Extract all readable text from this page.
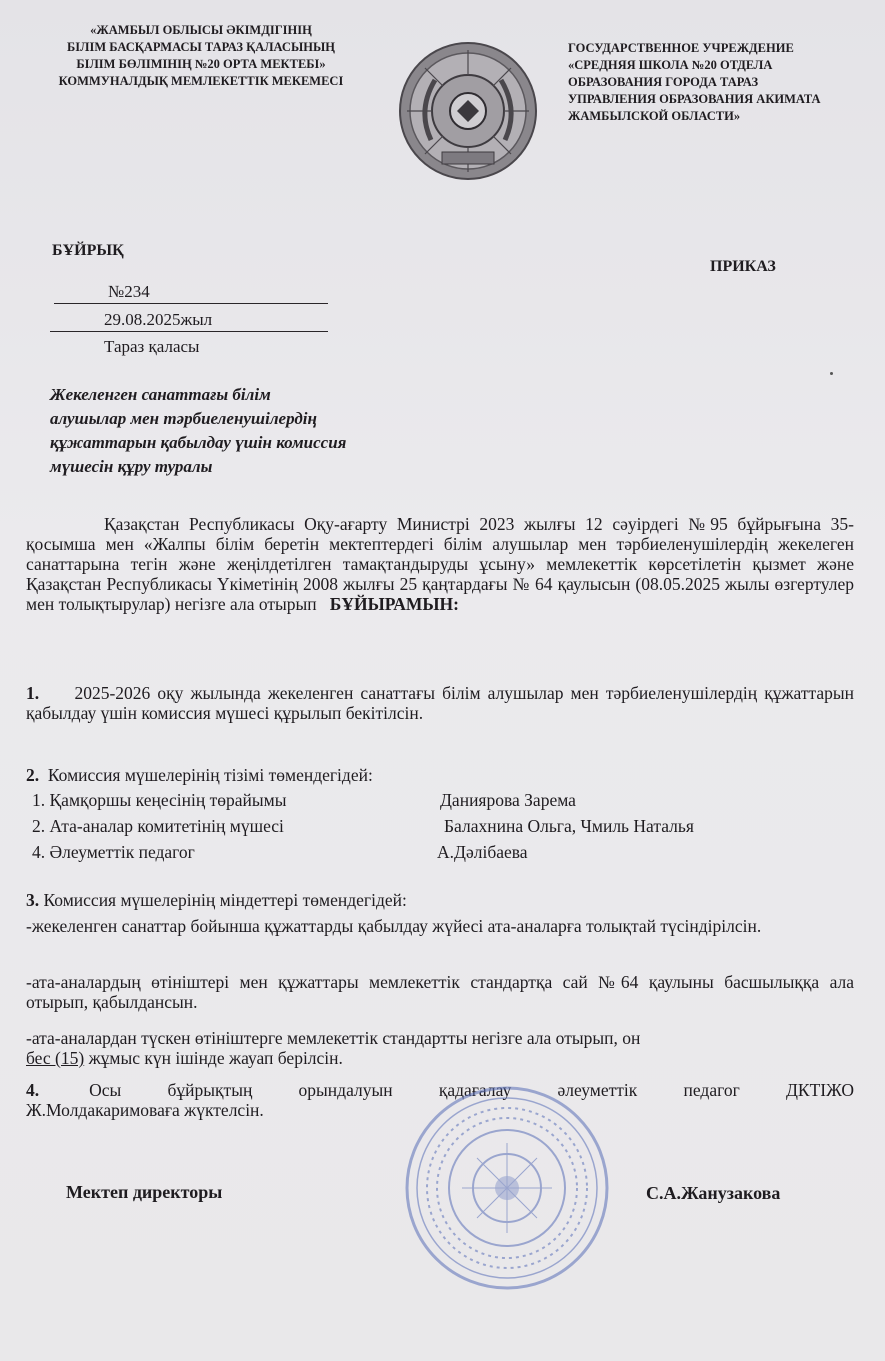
«ЖАМБЫЛ ОБЛЫСЫ ӘКІМДІГІНІҢ
БІЛІМ БАСҚАРМАСЫ ТАРАЗ ҚАЛАСЫНЫҢ
БІЛІМ БӨЛІМІНІҢ №20 ОРТА МЕКТЕБІ»
КОММУНАЛДЫҚ МЕМЛЕКЕТТІК МЕКЕМЕСІ
ГОСУДАРСТВЕННОЕ УЧРЕЖДЕНИЕ
«СРЕДНЯЯ ШКОЛА №20 ОТДЕЛА
ОБРАЗОВАНИЯ ГОРОДА ТАРАЗ
УПРАВЛЕНИЯ ОБРАЗОВАНИЯ АКИМАТА
ЖАМБЫЛСКОЙ ОБЛАСТИ»
БҰЙРЫҚ
ПРИКАЗ
№234
29.08.2025жыл
Тараз қаласы
Жекеленген санаттағы білім
алушылар мен тәрбиеленушілердің
құжаттарын қабылдау үшін комиссия
мүшесін құру туралы
Қазақстан Республикасы Оқу-ағарту Министрі 2023 жылғы 12 сәуірдегі №95 бұйрығына 35-қосымша мен «Жалпы білім беретін мектептердегі білім алушылар мен тәрбиеленушілердің жекелеген санаттарына тегін және жеңілдетілген тамақтандыруды ұсыну» мемлекеттік көрсетілетін қызмет және Қазақстан Республикасы Үкіметінің 2008 жылғы 25 қаңтардағы № 64 қаулысын (08.05.2025 жылы өзгертулер мен толықтырулар) негізге ала отырып БҰЙЫРАМЫН:
1. 2025-2026 оқу жылында жекеленген санаттағы білім алушылар мен тәрбиеленушілердің құжаттарын қабылдау үшін комиссия мүшесі құрылып бекітілсін.
2. Комиссия мүшелерінің тізімі төмендегідей:
1. Қамқоршы кеңесінің төрайымы	Даниярова Зарема
2. Ата-аналар комитетінің мүшесі	Балахнина Ольга, Чмиль Наталья
4. Әлеуметтік педагог	А.Дәлібаева
3. Комиссия мүшелерінің міндеттері төмендегідей:
-жекеленген санаттар бойынша құжаттарды қабылдау жүйесі ата-аналарға толықтай түсіндірілсін.
-ата-аналардың өтініштері мен құжаттары мемлекеттік стандартқа сай №64 қаулыны басшылыққа ала отырып, қабылдансын.
-ата-аналардан түскен өтініштерге мемлекеттік стандартты негізге ала отырып, он
бес (15) жұмыс күн ішінде жауап берілсін.
4.	Осы бұйрықтың орындалуын қадағалау әлеуметтік педагог ДКТІЖО
Ж.Молдакаримоваға жүктелсін.
Мектеп директоры	С.А.Жанузакова
